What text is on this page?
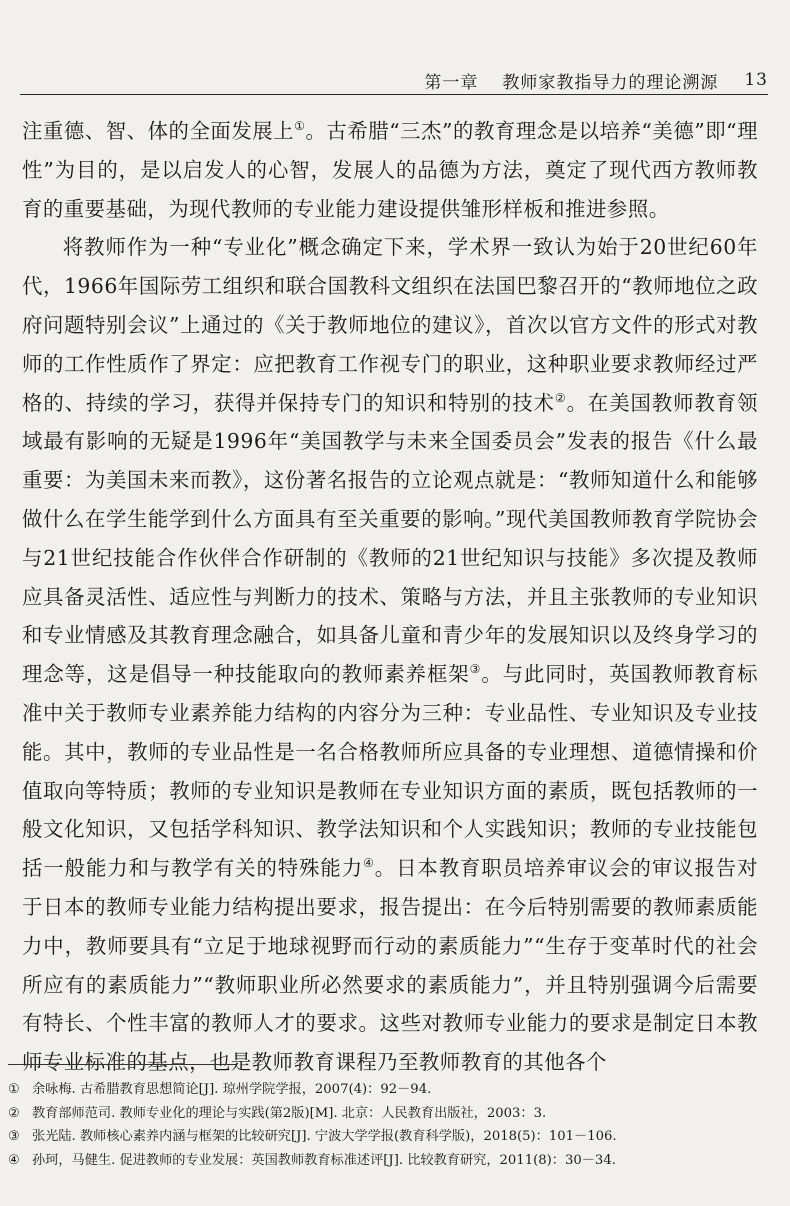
第一章 教师家教指导力的理论溯源 13

注重德、智、体的全面发展上①。古希腊“三杰”的教育理念是以培养“美德”即“理性”为目的，是以启发人的心智，发展人的品德为方法，奠定了现代西方教师教育的重要基础，为现代教师的专业能力建设提供雏形样板和推进参照。

将教师作为一种“专业化”概念确定下来，学术界一致认为始于20世纪60年代，1966年国际劳工组织和联合国教科文组织在法国巴黎召开的“教师地位之政府问题特别会议”上通过的《关于教师地位的建议》，首次以官方文件的形式对教师的工作性质作了界定：应把教育工作视专门的职业，这种职业要求教师经过严格的、持续的学习，获得并保持专门的知识和特别的技术②。在美国教师教育领域最有影响的无疑是1996年“美国教学与未来全国委员会”发表的报告《什么最重要：为美国未来而教》，这份著名报告的立论观点就是：“教师知道什么和能够做什么在学生能学到什么方面具有至关重要的影响。”现代美国教师教育学院协会与21世纪技能合作伙伴合作研制的《教师的21世纪知识与技能》多次提及教师应具备灵活性、适应性与判断力的技术、策略与方法，并且主张教师的专业知识和专业情感及其教育理念融合，如具备儿童和青少年的发展知识以及终身学习的理念等，这是倡导一种技能取向的教师素养框架③。与此同时，英国教师教育标准中关于教师专业素养能力结构的内容分为三种：专业品性、专业知识及专业技能。其中，教师的专业品性是一名合格教师所应具备的专业理想、道德情操和价值取向等特质；教师的专业知识是教师在专业知识方面的素质，既包括教师的一般文化知识，又包括学科知识、教学法知识和个人实践知识；教师的专业技能包括一般能力和与教学有关的特殊能力④。日本教育职员培养审议会的审议报告对于日本的教师专业能力结构提出要求，报告提出：在今后特别需要的教师素质能力中，教师要具有“立足于地球视野而行动的素质能力”“生存于变革时代的社会所应有的素质能力”“教师职业所必然要求的素质能力”，并且特别强调今后需要有特长、个性丰富的教师人才的要求。这些对教师专业能力的要求是制定日本教师专业标准的基点，也是教师教育课程乃至教师教育的其他各个

① 余咏梅. 古希腊教育思想简论[J]. 琼州学院学报，2007(4)：92－94.
② 教育部师范司. 教师专业化的理论与实践(第2版)[M]. 北京：人民教育出版社，2003：3.
③ 张光陆. 教师核心素养内涵与框架的比较研究[J]. 宁波大学学报(教育科学版)，2018(5)：101－106.
④ 孙珂，马健生. 促进教师的专业发展：英国教师教育标准述评[J]. 比较教育研究，2011(8)：30－34.
